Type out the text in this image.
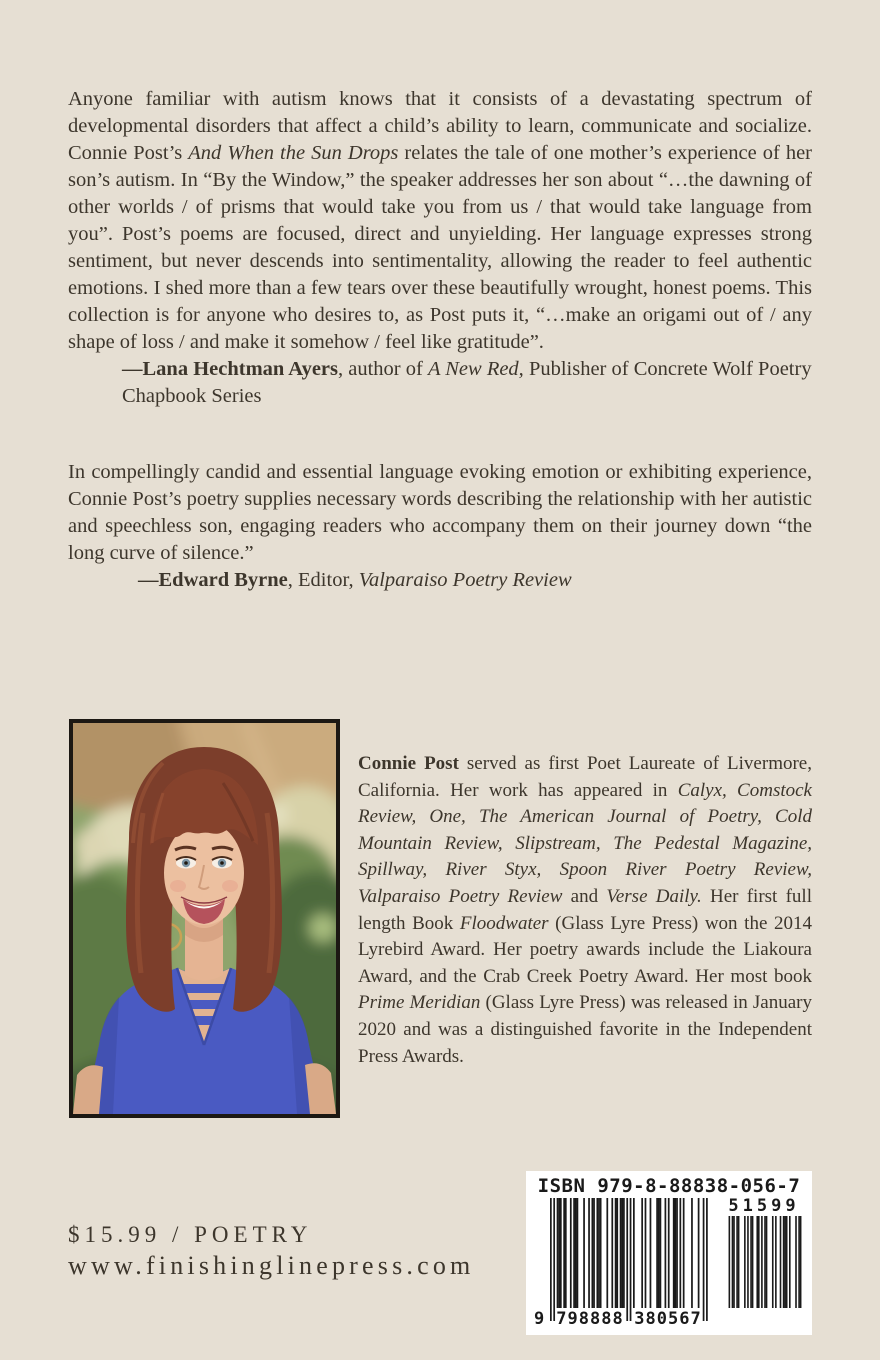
Anyone familiar with autism knows that it consists of a devastating spectrum of developmental disorders that affect a child’s ability to learn, communicate and socialize. Connie Post’s And When the Sun Drops relates the tale of one mother’s experience of her son’s autism. In “By the Window,” the speaker addresses her son about “…the dawning of other worlds / of prisms that would take you from us / that would take language from you”. Post’s poems are focused, direct and unyielding. Her language expresses strong sentiment, but never descends into sentimentality, allowing the reader to feel authentic emotions. I shed more than a few tears over these beautifully wrought, honest poems. This collection is for anyone who desires to, as Post puts it, “…make an origami out of / any shape of loss / and make it somehow / feel like gratitude”.

—Lana Hechtman Ayers, author of A New Red, Publisher of Concrete Wolf Poetry Chapbook Series

In compellingly candid and essential language evoking emotion or exhibiting experience, Connie Post’s poetry supplies necessary words describing the relationship with her autistic and speechless son, engaging readers who accompany them on their journey down “the long curve of silence.”

—Edward Byrne, Editor, Valparaiso Poetry Review

Connie Post served as first Poet Laureate of Livermore, California. Her work has appeared in Calyx, Comstock Review, One, The American Journal of Poetry, Cold Mountain Review, Slipstream, The Pedestal Magazine, Spillway, River Styx, Spoon River Poetry Review, Valparaiso Poetry Review and Verse Daily. Her first full length Book Floodwater (Glass Lyre Press) won the 2014 Lyrebird Award. Her poetry awards include the Liakoura Award, and the Crab Creek Poetry Award. Her most book Prime Meridian (Glass Lyre Press) was released in January 2020 and was a distinguished favorite in the Independent Press Awards.

$15.99 / POETRY
www.finishinglinepress.com
ISBN 979-8-88838-056-7
51599
9 798888 380567
